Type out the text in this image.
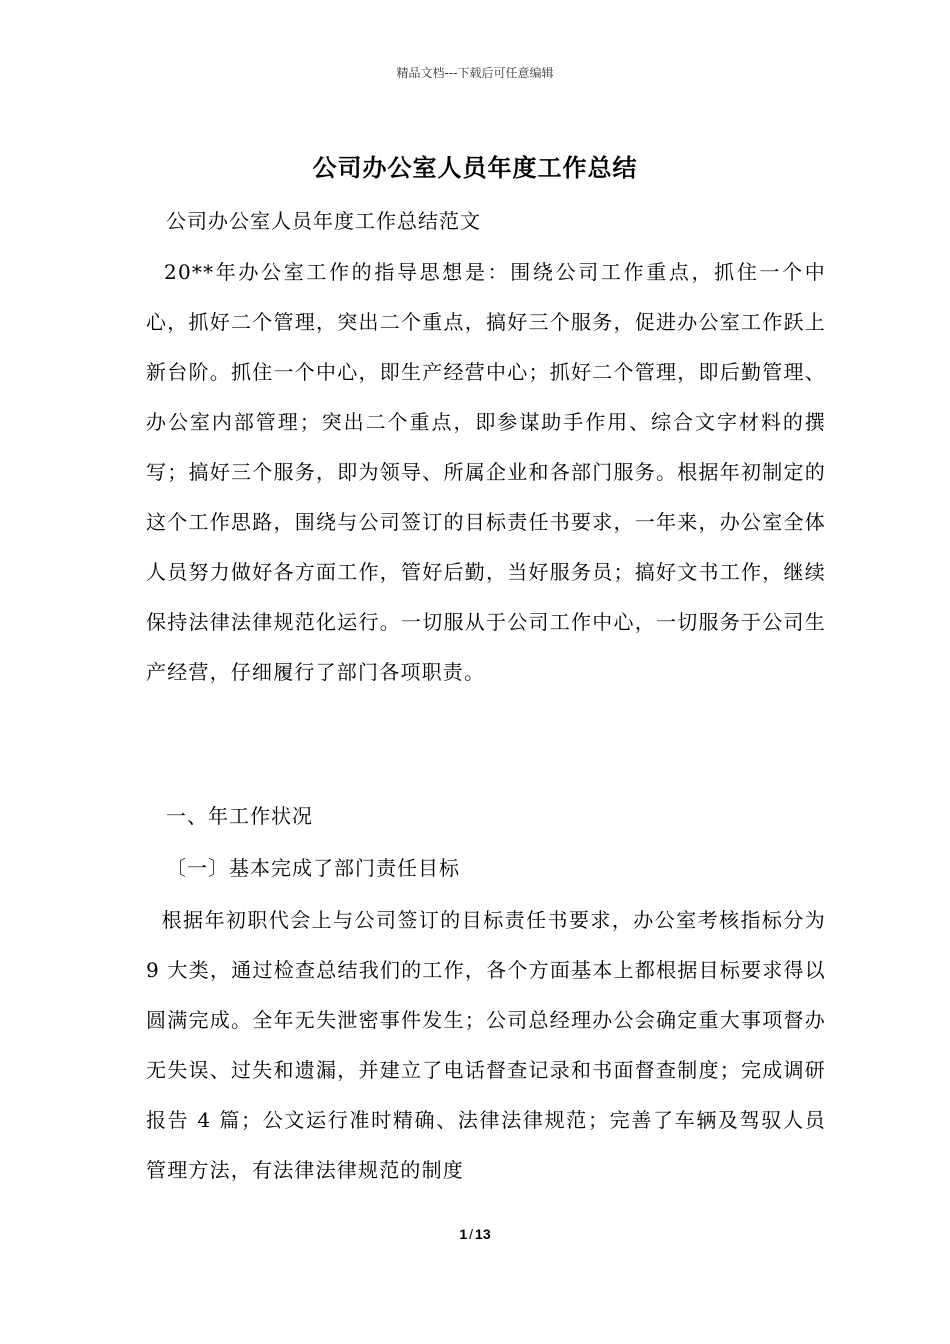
精品文档---下载后可任意编辑
公司办公室人员年度工作总结
公司办公室人员年度工作总结范文

20**年办公室工作的指导思想是：围绕公司工作重点，抓住一个中心，抓好二个管理，突出二个重点，搞好三个服务，促进办公室工作跃上新台阶。抓住一个中心，即生产经营中心；抓好二个管理，即后勤管理、办公室内部管理；突出二个重点，即参谋助手作用、综合文字材料的撰写；搞好三个服务，即为领导、所属企业和各部门服务。根据年初制定的这个工作思路，围绕与公司签订的目标责任书要求，一年来，办公室全体人员努力做好各方面工作，管好后勤，当好服务员；搞好文书工作，继续保持法律法律规范化运行。一切服从于公司工作中心，一切服务于公司生产经营，仔细履行了部门各项职责。

一、年工作状况
〔一〕基本完成了部门责任目标

根据年初职代会上与公司签订的目标责任书要求，办公室考核指标分为 9 大类，通过检查总结我们的工作，各个方面基本上都根据目标要求得以圆满完成。全年无失泄密事件发生；公司总经理办公会确定重大事项督办无失误、过失和遗漏，并建立了电话督查记录和书面督查制度；完成调研报告 4 篇；公文运行准时精确、法律法律规范；完善了车辆及驾驭人员管理方法，有法律法律规范的制度

1 / 13
